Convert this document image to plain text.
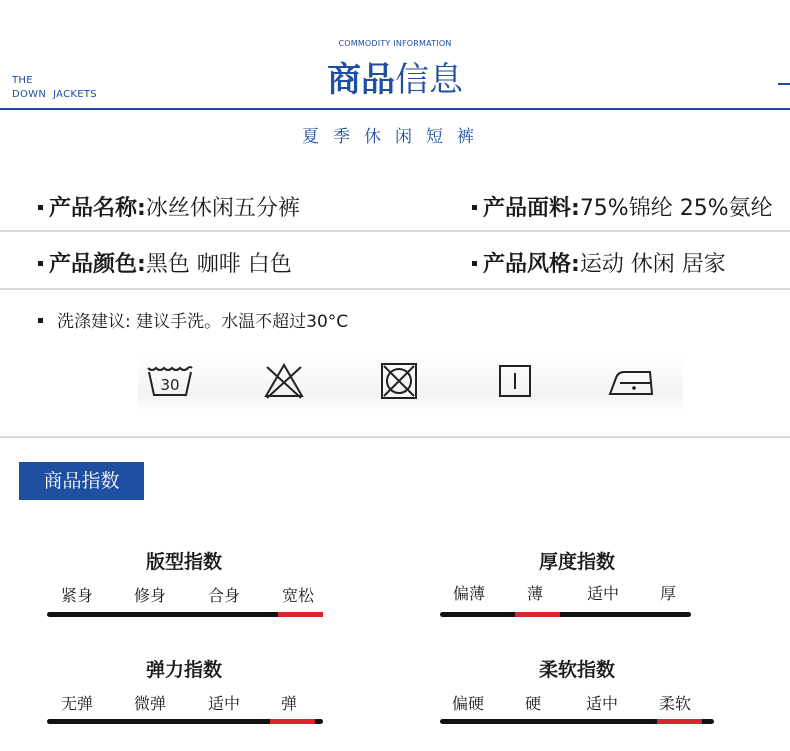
THE
DOWN  JACKETS
COMMODITY INFORMATION
商品信息
夏季休闲短裤
产品名称:冰丝休闲五分裤	产品面料:75%锦纶 25%氨纶
产品颜色:黑色 咖啡 白色	产品风格:运动 休闲 居家
洗涤建议: 建议手洗。水温不超过30°C
30
商品指数
版型指数
紧身	修身	合身	宽松
厚度指数
偏薄	薄	适中	厚
弹力指数
无弹	微弹	适中	弹
柔软指数
偏硬	硬	适中	柔软
